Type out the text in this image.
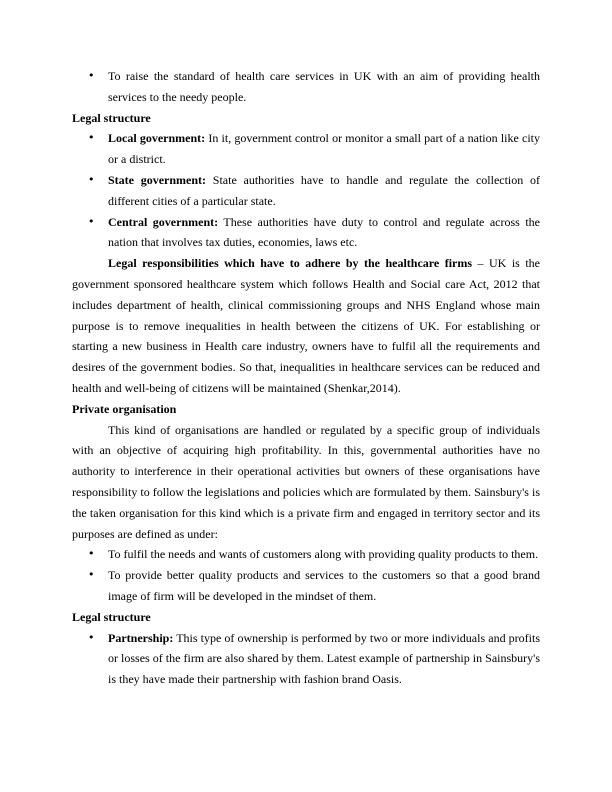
• To raise the standard of health care services in UK with an aim of providing health services to the needy people.

Legal structure

• Local government: In it, government control or monitor a small part of a nation like city or a district.
• State government: State authorities have to handle and regulate the collection of different cities of a particular state.
• Central government: These authorities have duty to control and regulate across the nation that involves tax duties, economies, laws etc.

Legal responsibilities which have to adhere by the healthcare firms – UK is the government sponsored healthcare system which follows Health and Social care Act, 2012 that includes department of health, clinical commissioning groups and NHS England whose main purpose is to remove inequalities in health between the citizens of UK. For establishing or starting a new business in Health care industry, owners have to fulfil all the requirements and desires of the government bodies. So that, inequalities in healthcare services can be reduced and health and well-being of citizens will be maintained (Shenkar,2014).

Private organisation

This kind of organisations are handled or regulated by a specific group of individuals with an objective of acquiring high profitability. In this, governmental authorities have no authority to interference in their operational activities but owners of these organisations have responsibility to follow the legislations and policies which are formulated by them. Sainsbury's is the taken organisation for this kind which is a private firm and engaged in territory sector and its purposes are defined as under:

• To fulfil the needs and wants of customers along with providing quality products to them.
• To provide better quality products and services to the customers so that a good brand image of firm will be developed in the mindset of them.

Legal structure

• Partnership: This type of ownership is performed by two or more individuals and profits or losses of the firm are also shared by them. Latest example of partnership in Sainsbury's is they have made their partnership with fashion brand Oasis.
